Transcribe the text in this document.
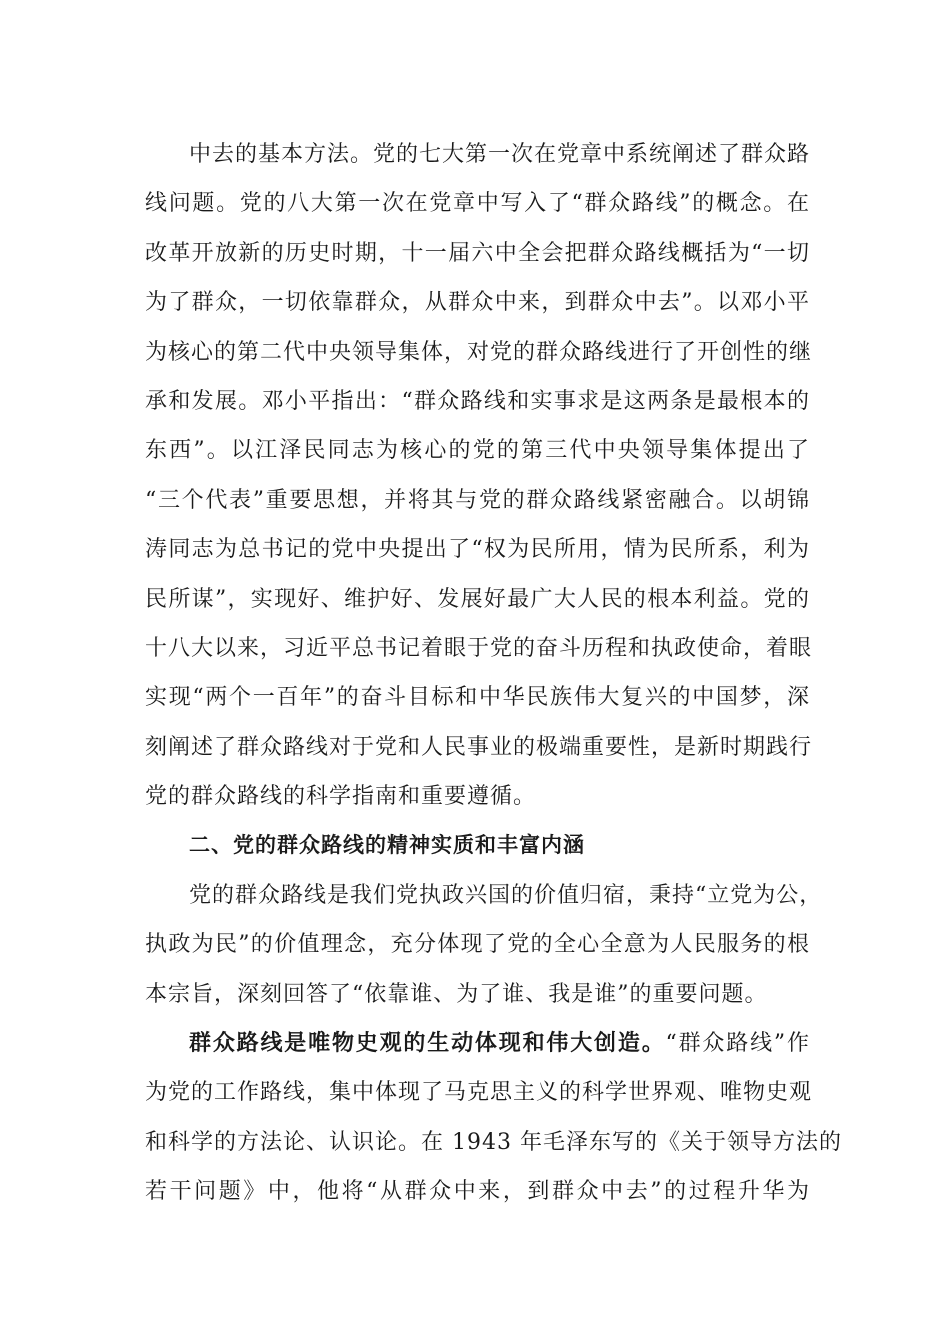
中去的基本方法。党的七大第一次在党章中系统阐述了群众路
线问题。党的八大第一次在党章中写入了“群众路线”的概念。在
改革开放新的历史时期，十一届六中全会把群众路线概括为“一切
为了群众，一切依靠群众，从群众中来，到群众中去”。以邓小平
为核心的第二代中央领导集体，对党的群众路线进行了开创性的继
承和发展。邓小平指出：“群众路线和实事求是这两条是最根本的
东西”。以江泽民同志为核心的党的第三代中央领导集体提出了
“三个代表”重要思想，并将其与党的群众路线紧密融合。以胡锦
涛同志为总书记的党中央提出了“权为民所用，情为民所系，利为
民所谋”，实现好、维护好、发展好最广大人民的根本利益。党的
十八大以来，习近平总书记着眼于党的奋斗历程和执政使命，着眼
实现“两个一百年”的奋斗目标和中华民族伟大复兴的中国梦，深
刻阐述了群众路线对于党和人民事业的极端重要性，是新时期践行
党的群众路线的科学指南和重要遵循。
二、党的群众路线的精神实质和丰富内涵
党的群众路线是我们党执政兴国的价值归宿，秉持“立党为公，
执政为民”的价值理念，充分体现了党的全心全意为人民服务的根
本宗旨，深刻回答了“依靠谁、为了谁、我是谁”的重要问题。
群众路线是唯物史观的生动体现和伟大创造。“群众路线”作
为党的工作路线，集中体现了马克思主义的科学世界观、唯物史观
和科学的方法论、认识论。在 1943 年毛泽东写的《关于领导方法的
若干问题》中，他将“从群众中来，到群众中去”的过程升华为
